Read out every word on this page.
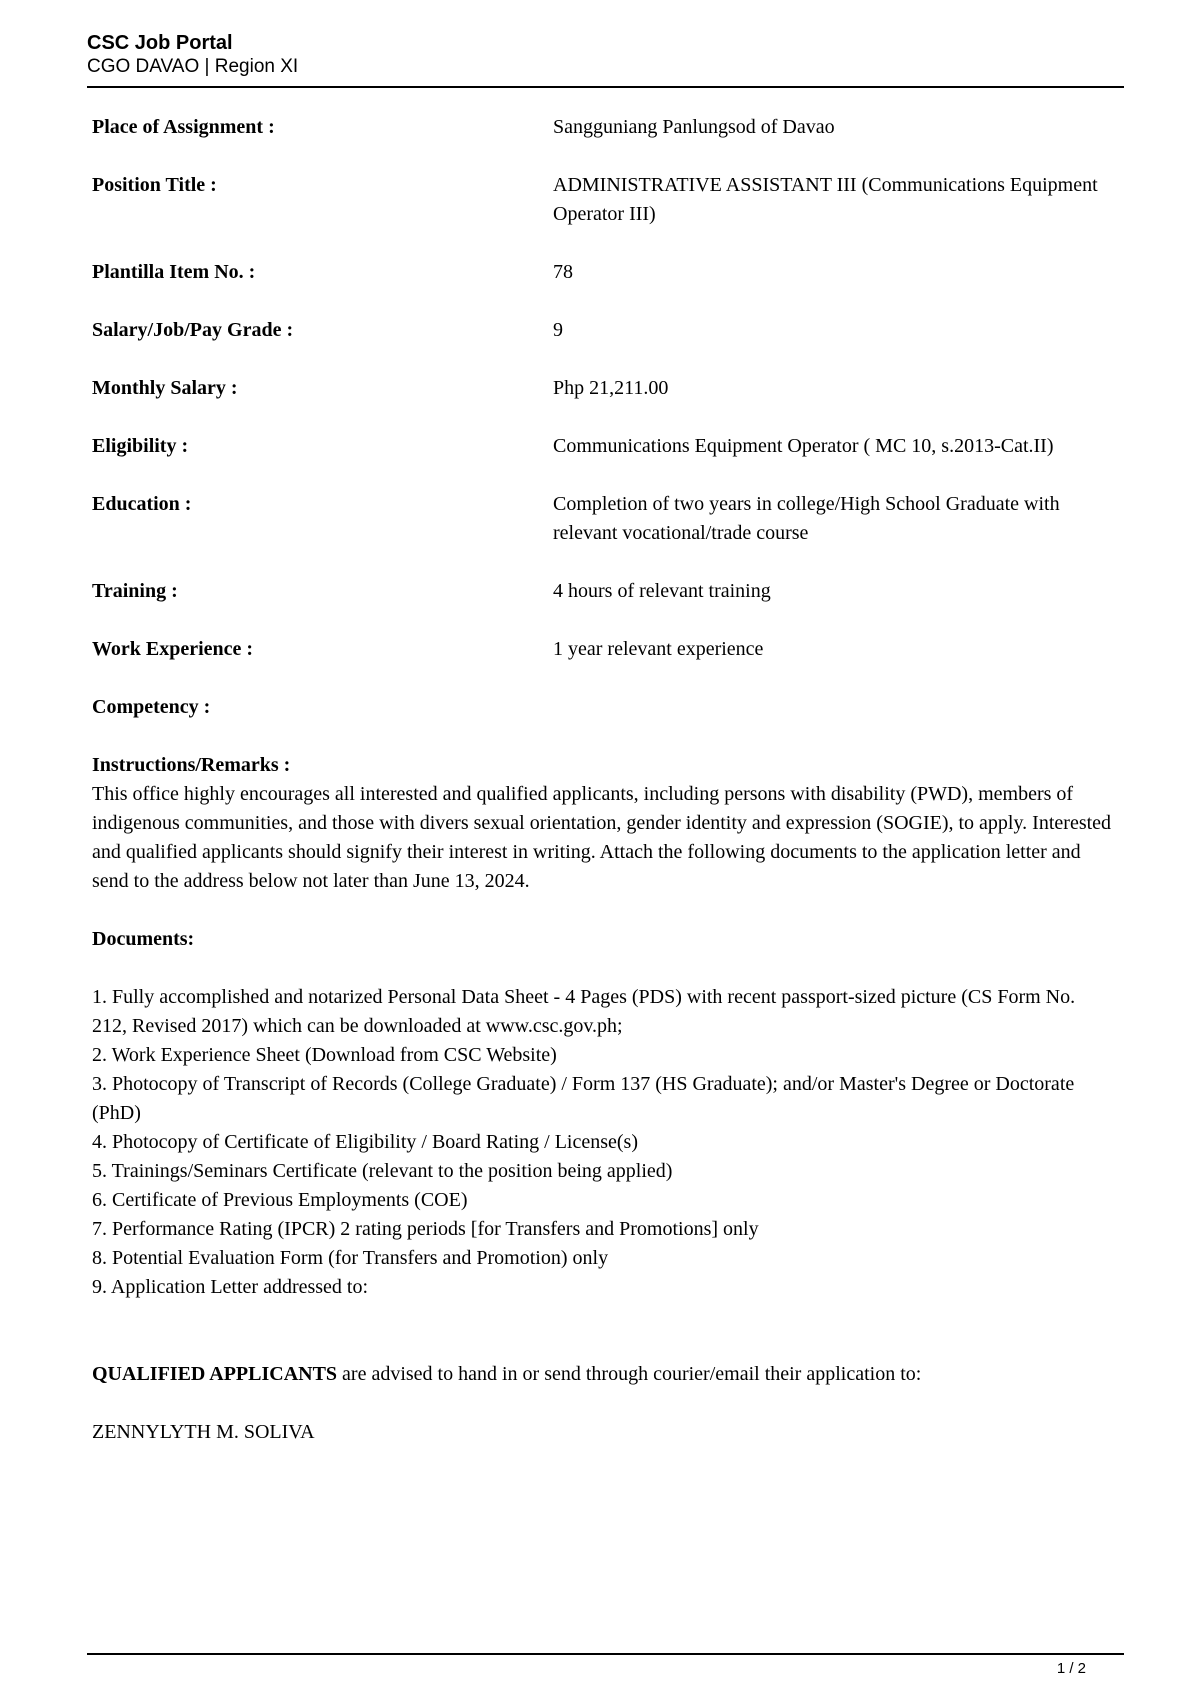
CSC Job Portal
CGO DAVAO | Region XI
Place of Assignment :	Sangguniang Panlungsod of Davao
Position Title :	ADMINISTRATIVE ASSISTANT III (Communications Equipment Operator III)
Plantilla Item No. :	78
Salary/Job/Pay Grade :	9
Monthly Salary :	Php 21,211.00
Eligibility :	Communications Equipment Operator ( MC 10, s.2013-Cat.II)
Education :	Completion of two years in college/High School Graduate with relevant vocational/trade course
Training :	4 hours of relevant training
Work Experience :	1 year relevant experience
Competency :
Instructions/Remarks :
This office highly encourages all interested and qualified applicants, including persons with disability (PWD), members of indigenous communities, and those with divers sexual orientation, gender identity and expression (SOGIE), to apply. Interested and qualified applicants should signify their interest in writing. Attach the following documents to the application letter and send to the address below not later than June 13, 2024.
Documents:
1. Fully accomplished and notarized Personal Data Sheet - 4 Pages (PDS) with recent passport-sized picture (CS Form No. 212, Revised 2017) which can be downloaded at www.csc.gov.ph;
2. Work Experience Sheet (Download from CSC Website)
3. Photocopy of Transcript of Records (College Graduate) / Form 137 (HS Graduate); and/or Master's Degree or Doctorate (PhD)
4. Photocopy of Certificate of Eligibility / Board Rating / License(s)
5. Trainings/Seminars Certificate (relevant to the position being applied)
6. Certificate of Previous Employments (COE)
7. Performance Rating (IPCR) 2 rating periods [for Transfers and Promotions] only
8. Potential Evaluation Form (for Transfers and Promotion) only
9. Application Letter addressed to:
QUALIFIED APPLICANTS are advised to hand in or send through courier/email their application to:
ZENNYLYTH M. SOLIVA
1 / 2
